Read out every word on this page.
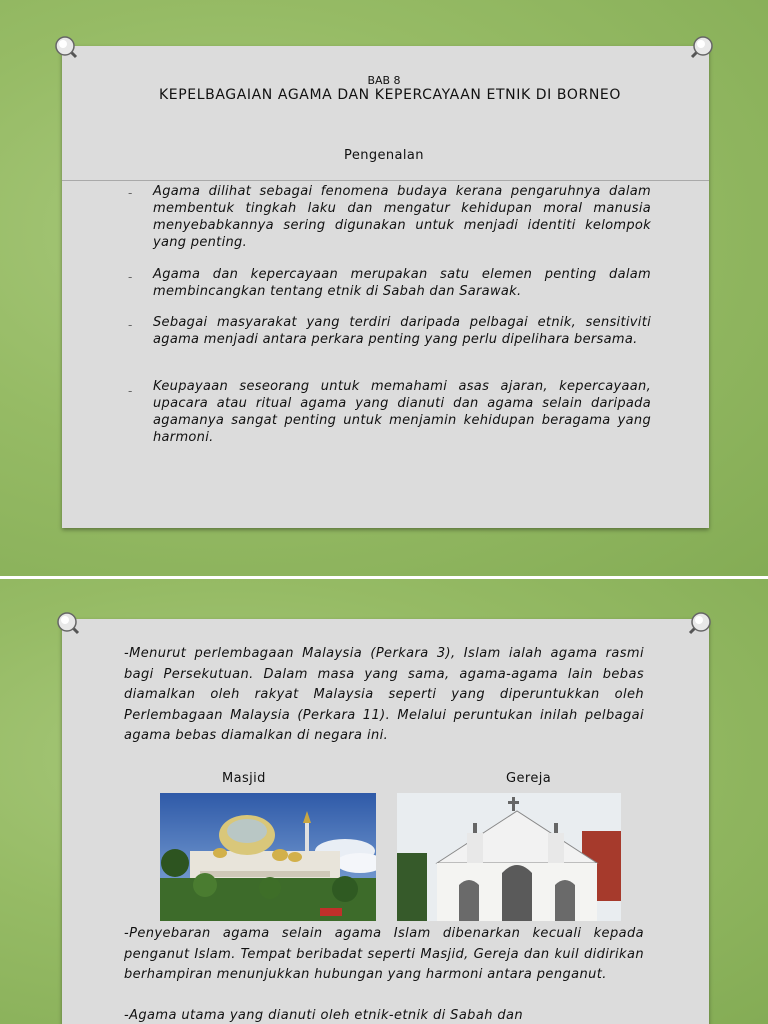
BAB 8
KEPELBAGAIAN AGAMA DAN KEPERCAYAAN ETNIK DI BORNEO
Pengenalan
- Agama dilihat sebagai fenomena budaya kerana pengaruhnya dalam membentuk tingkah laku dan mengatur kehidupan moral manusia menyebabkannya sering digunakan untuk menjadi identiti kelompok yang penting.
- Agama dan kepercayaan merupakan satu elemen penting dalam membincangkan tentang etnik di Sabah dan Sarawak.
- Sebagai masyarakat yang terdiri daripada pelbagai etnik, sensitiviti agama menjadi antara perkara penting yang perlu dipelihara bersama.
- Keupayaan seseorang untuk memahami asas ajaran, kepercayaan, upacara atau ritual agama yang dianuti dan agama selain daripada agamanya sangat penting untuk menjamin kehidupan beragama yang harmoni.
-Menurut perlembagaan Malaysia (Perkara 3), Islam ialah agama rasmi bagi Persekutuan. Dalam masa yang sama, agama-agama lain bebas diamalkan oleh rakyat Malaysia seperti yang diperuntukkan oleh Perlembagaan Malaysia (Perkara 11). Melalui peruntukan inilah pelbagai agama bebas diamalkan di negara ini.
Masjid	Gereja
-Penyebaran agama selain agama Islam dibenarkan kecuali kepada penganut Islam. Tempat beribadat seperti Masjid, Gereja dan kuil didirikan berhampiran menunjukkan hubungan yang harmoni antara penganut.
-Agama utama yang dianuti oleh etnik-etnik di Sabah dan
